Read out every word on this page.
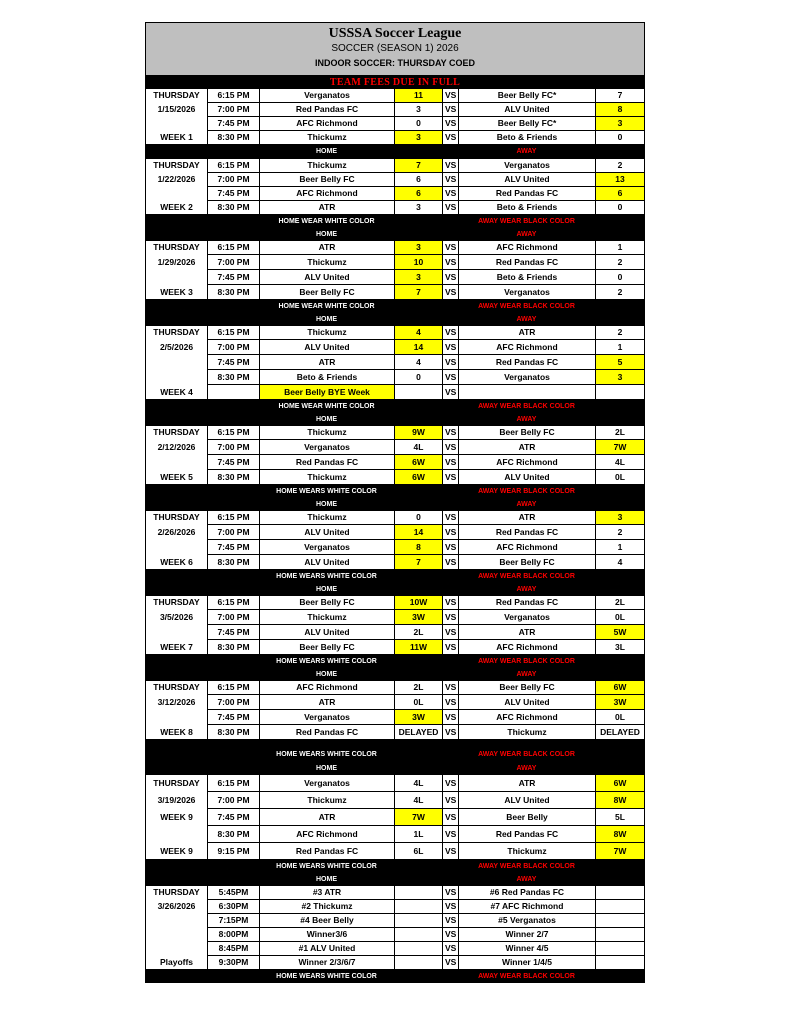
USSSA Soccer League
SOCCER (SEASON 1) 2026
INDOOR SOCCER: THURSDAY COED
TEAM FEES DUE IN FULL
THURSDAY	6:15 PM	Verganatos	11	VS	Beer Belly FC*	7
1/15/2026	7:00 PM	Red Pandas FC	3	VS	ALV United	8
7:45 PM	AFC Richmond	0	VS	Beer Belly FC*	3
WEEK 1	8:30 PM	Thickumz	3	VS	Beto & Friends	0
HOME	AWAY
THURSDAY	6:15 PM	Thickumz	7	VS	Verganatos	2
1/22/2026	7:00 PM	Beer Belly FC	6	VS	ALV United	13
7:45 PM	AFC Richmond	6	VS	Red Pandas FC	6
WEEK 2	8:30 PM	ATR	3	VS	Beto & Friends	0
HOME WEAR WHITE COLOR	AWAY WEAR BLACK COLOR
HOME	AWAY
THURSDAY	6:15 PM	ATR	3	VS	AFC Richmond	1
1/29/2026	7:00 PM	Thickumz	10	VS	Red Pandas FC	2
7:45 PM	ALV United	3	VS	Beto & Friends	0
WEEK 3	8:30 PM	Beer Belly FC	7	VS	Verganatos	2
HOME WEAR WHITE COLOR	AWAY WEAR BLACK COLOR
HOME	AWAY
THURSDAY	6:15 PM	Thickumz	4	VS	ATR	2
2/5/2026	7:00 PM	ALV United	14	VS	AFC Richmond	1
7:45 PM	ATR	4	VS	Red Pandas FC	5
8:30 PM	Beto & Friends	0	VS	Verganatos	3
WEEK 4	Beer Belly BYE Week	VS
HOME WEAR WHITE COLOR	AWAY WEAR BLACK COLOR
HOME	AWAY
THURSDAY	6:15 PM	Thickumz	9W	VS	Beer Belly FC	2L
2/12/2026	7:00 PM	Verganatos	4L	VS	ATR	7W
7:45 PM	Red Pandas FC	6W	VS	AFC Richmond	4L
WEEK 5	8:30 PM	Thickumz	6W	VS	ALV United	0L
HOME WEARS WHITE COLOR	AWAY WEAR BLACK COLOR
HOME	AWAY
THURSDAY	6:15 PM	Thickumz	0	VS	ATR	3
2/26/2026	7:00 PM	ALV United	14	VS	Red Pandas FC	2
7:45 PM	Verganatos	8	VS	AFC Richmond	1
WEEK 6	8:30 PM	ALV United	7	VS	Beer Belly FC	4
HOME WEARS WHITE COLOR	AWAY WEAR BLACK COLOR
HOME	AWAY
THURSDAY	6:15 PM	Beer Belly FC	10W	VS	Red Pandas FC	2L
3/5/2026	7:00 PM	Thickumz	3W	VS	Verganatos	0L
7:45 PM	ALV United	2L	VS	ATR	5W
WEEK 7	8:30 PM	Beer Belly FC	11W	VS	AFC Richmond	3L
HOME WEARS WHITE COLOR	AWAY WEAR BLACK COLOR
HOME	AWAY
THURSDAY	6:15 PM	AFC Richmond	2L	VS	Beer Belly FC	6W
3/12/2026	7:00 PM	ATR	0L	VS	ALV United	3W
7:45 PM	Verganatos	3W	VS	AFC Richmond	0L
WEEK 8	8:30 PM	Red Pandas FC	DELAYED VS	Thickumz	DELAYED
HOME WEARS WHITE COLOR	AWAY WEAR BLACK COLOR
HOME	AWAY
THURSDAY	6:15 PM	Verganatos	4L	VS	ATR	6W
3/19/2026	7:00 PM	Thickumz	4L	VS	ALV United	8W
WEEK 9	7:45 PM	ATR	7W	VS	Beer Belly	5L
8:30 PM	AFC Richmond	1L	VS	Red Pandas FC	8W
WEEK 9	9:15 PM	Red Pandas FC	6L	VS	Thickumz	7W
HOME WEARS WHITE COLOR	AWAY WEAR BLACK COLOR
HOME	AWAY
THURSDAY	5:45PM	#3 ATR	VS	#6 Red Pandas FC
3/26/2026	6:30PM	#2 Thickumz	VS	#7 AFC Richmond
7:15PM	#4 Beer Belly	VS	#5 Verganatos
8:00PM	Winner3/6	VS	Winner 2/7
8:45PM	#1 ALV United	VS	Winner 4/5
Playoffs	9:30PM	Winner 2/3/6/7	VS	Winner 1/4/5
HOME WEARS WHITE COLOR	AWAY WEAR BLACK COLOR
